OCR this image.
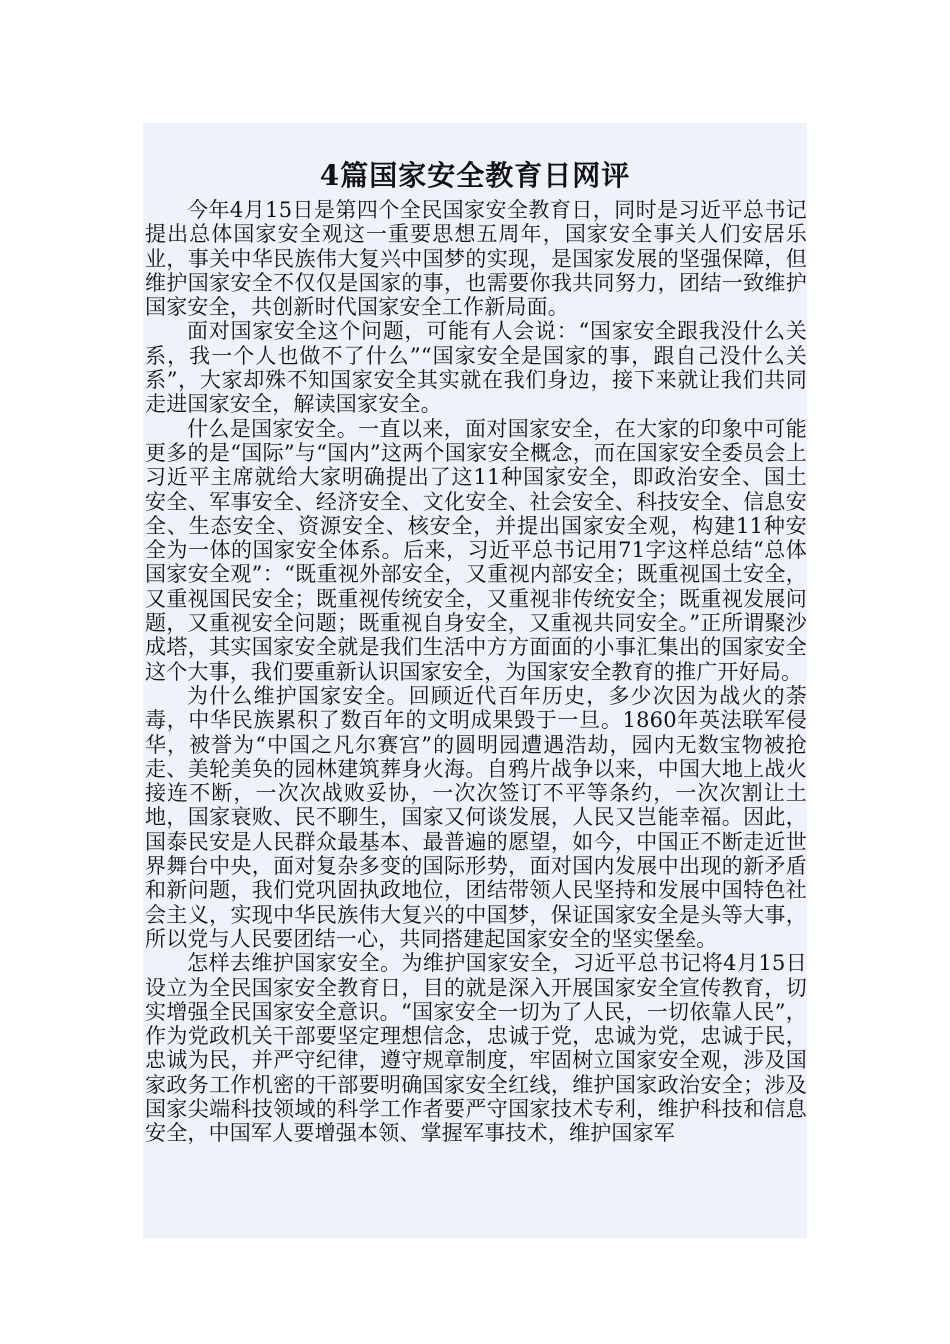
4篇国家安全教育日网评

今年4月15日是第四个全民国家安全教育日，同时是习近平总书记提出总体国家安全观这一重要思想五周年，国家安全事关人们安居乐业，事关中华民族伟大复兴中国梦的实现，是国家发展的坚强保障，但维护国家安全不仅仅是国家的事，也需要你我共同努力，团结一致维护国家安全，共创新时代国家安全工作新局面。

面对国家安全这个问题，可能有人会说：“国家安全跟我没什么关系，我一个人也做不了什么”“国家安全是国家的事，跟自己没什么关系”，大家却殊不知国家安全其实就在我们身边，接下来就让我们共同走进国家安全，解读国家安全。

什么是国家安全。一直以来，面对国家安全，在大家的印象中可能更多的是“国际”与“国内”这两个国家安全概念，而在国家安全委员会上习近平主席就给大家明确提出了这11种国家安全，即政治安全、国土安全、军事安全、经济安全、文化安全、社会安全、科技安全、信息安全、生态安全、资源安全、核安全，并提出国家安全观，构建11种安全为一体的国家安全体系。后来，习近平总书记用71字这样总结“总体国家安全观”：“既重视外部安全，又重视内部安全；既重视国土安全，又重视国民安全；既重视传统安全，又重视非传统安全；既重视发展问题，又重视安全问题；既重视自身安全，又重视共同安全。”正所谓聚沙成塔，其实国家安全就是我们生活中方方面面的小事汇集出的国家安全这个大事，我们要重新认识国家安全，为国家安全教育的推广开好局。

为什么维护国家安全。回顾近代百年历史，多少次因为战火的荼毒，中华民族累积了数百年的文明成果毁于一旦。1860年英法联军侵华，被誉为“中国之凡尔赛宫”的圆明园遭遇浩劫，园内无数宝物被抢走、美轮美奂的园林建筑葬身火海。自鸦片战争以来，中国大地上战火接连不断，一次次战败妥协，一次次签订不平等条约，一次次割让土地，国家衰败、民不聊生，国家又何谈发展，人民又岂能幸福。因此，国泰民安是人民群众最基本、最普遍的愿望，如今，中国正不断走近世界舞台中央，面对复杂多变的国际形势，面对国内发展中出现的新矛盾和新问题，我们党巩固执政地位，团结带领人民坚持和发展中国特色社会主义，实现中华民族伟大复兴的中国梦，保证国家安全是头等大事，所以党与人民要团结一心，共同搭建起国家安全的坚实堡垒。

怎样去维护国家安全。为维护国家安全，习近平总书记将4月15日设立为全民国家安全教育日，目的就是深入开展国家安全宣传教育，切实增强全民国家安全意识。“国家安全一切为了人民，一切依靠人民”，作为党政机关干部要坚定理想信念，忠诚于党，忠诚为党，忠诚于民，忠诚为民，并严守纪律，遵守规章制度，牢固树立国家安全观，涉及国家政务工作机密的干部要明确国家安全红线，维护国家政治安全；涉及国家尖端科技领域的科学工作者要严守国家技术专利，维护科技和信息安全，中国军人要增强本领、掌握军事技术，维护国家军
